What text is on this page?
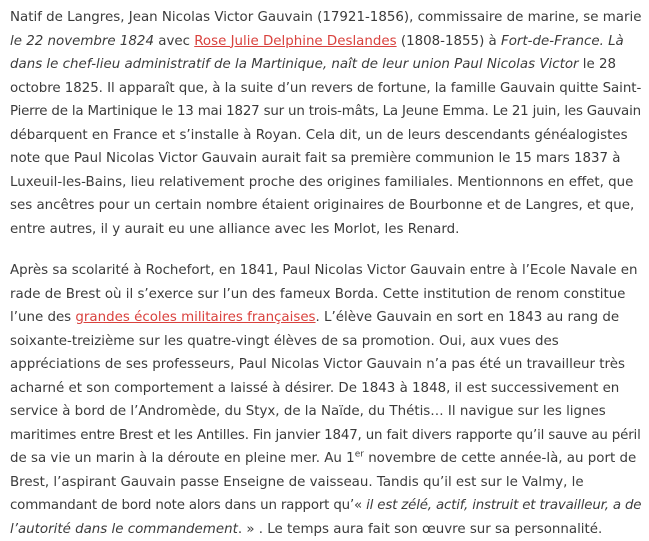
Natif de Langres, Jean Nicolas Victor Gauvain (17921-1856), commissaire de marine, se marie
le 22 novembre 1824 avec Rose Julie Delphine Deslandes (1808-1855) à Fort-de-France. Là
dans le chef-lieu administratif de la Martinique, naît de leur union Paul Nicolas Victor le 28
octobre 1825. Il apparaît que, à la suite d’un revers de fortune, la famille Gauvain quitte Saint-
Pierre de la Martinique le 13 mai 1827 sur un trois-mâts, La Jeune Emma. Le 21 juin, les Gauvain
débarquent en France et s’installe à Royan. Cela dit, un de leurs descendants généalogistes
note que Paul Nicolas Victor Gauvain aurait fait sa première communion le 15 mars 1837 à
Luxeuil-les-Bains, lieu relativement proche des origines familiales. Mentionnons en effet, que
ses ancêtres pour un certain nombre étaient originaires de Bourbonne et de Langres, et que,
entre autres, il y aurait eu une alliance avec les Morlot, les Renard.

Après sa scolarité à Rochefort, en 1841, Paul Nicolas Victor Gauvain entre à l’Ecole Navale en
rade de Brest où il s’exerce sur l’un des fameux Borda. Cette institution de renom constitue
l’une des grandes écoles militaires françaises. L’élève Gauvain en sort en 1843 au rang de
soixante-treizième sur les quatre-vingt élèves de sa promotion. Oui, aux vues des
appréciations de ses professeurs, Paul Nicolas Victor Gauvain n’a pas été un travailleur très
acharné et son comportement a laissé à désirer. De 1843 à 1848, il est successivement en
service à bord de l’Andromède, du Styx, de la Naïde, du Thétis… Il navigue sur les lignes
maritimes entre Brest et les Antilles. Fin janvier 1847, un fait divers rapporte qu’il sauve au péril
de sa vie un marin à la déroute en pleine mer. Au 1er novembre de cette année-là, au port de
Brest, l’aspirant Gauvain passe Enseigne de vaisseau. Tandis qu’il est sur le Valmy, le
commandant de bord note alors dans un rapport qu’« il est zélé, actif, instruit et travailleur, a de
l’autorité dans le commandement. » . Le temps aura fait son œuvre sur sa personnalité.
